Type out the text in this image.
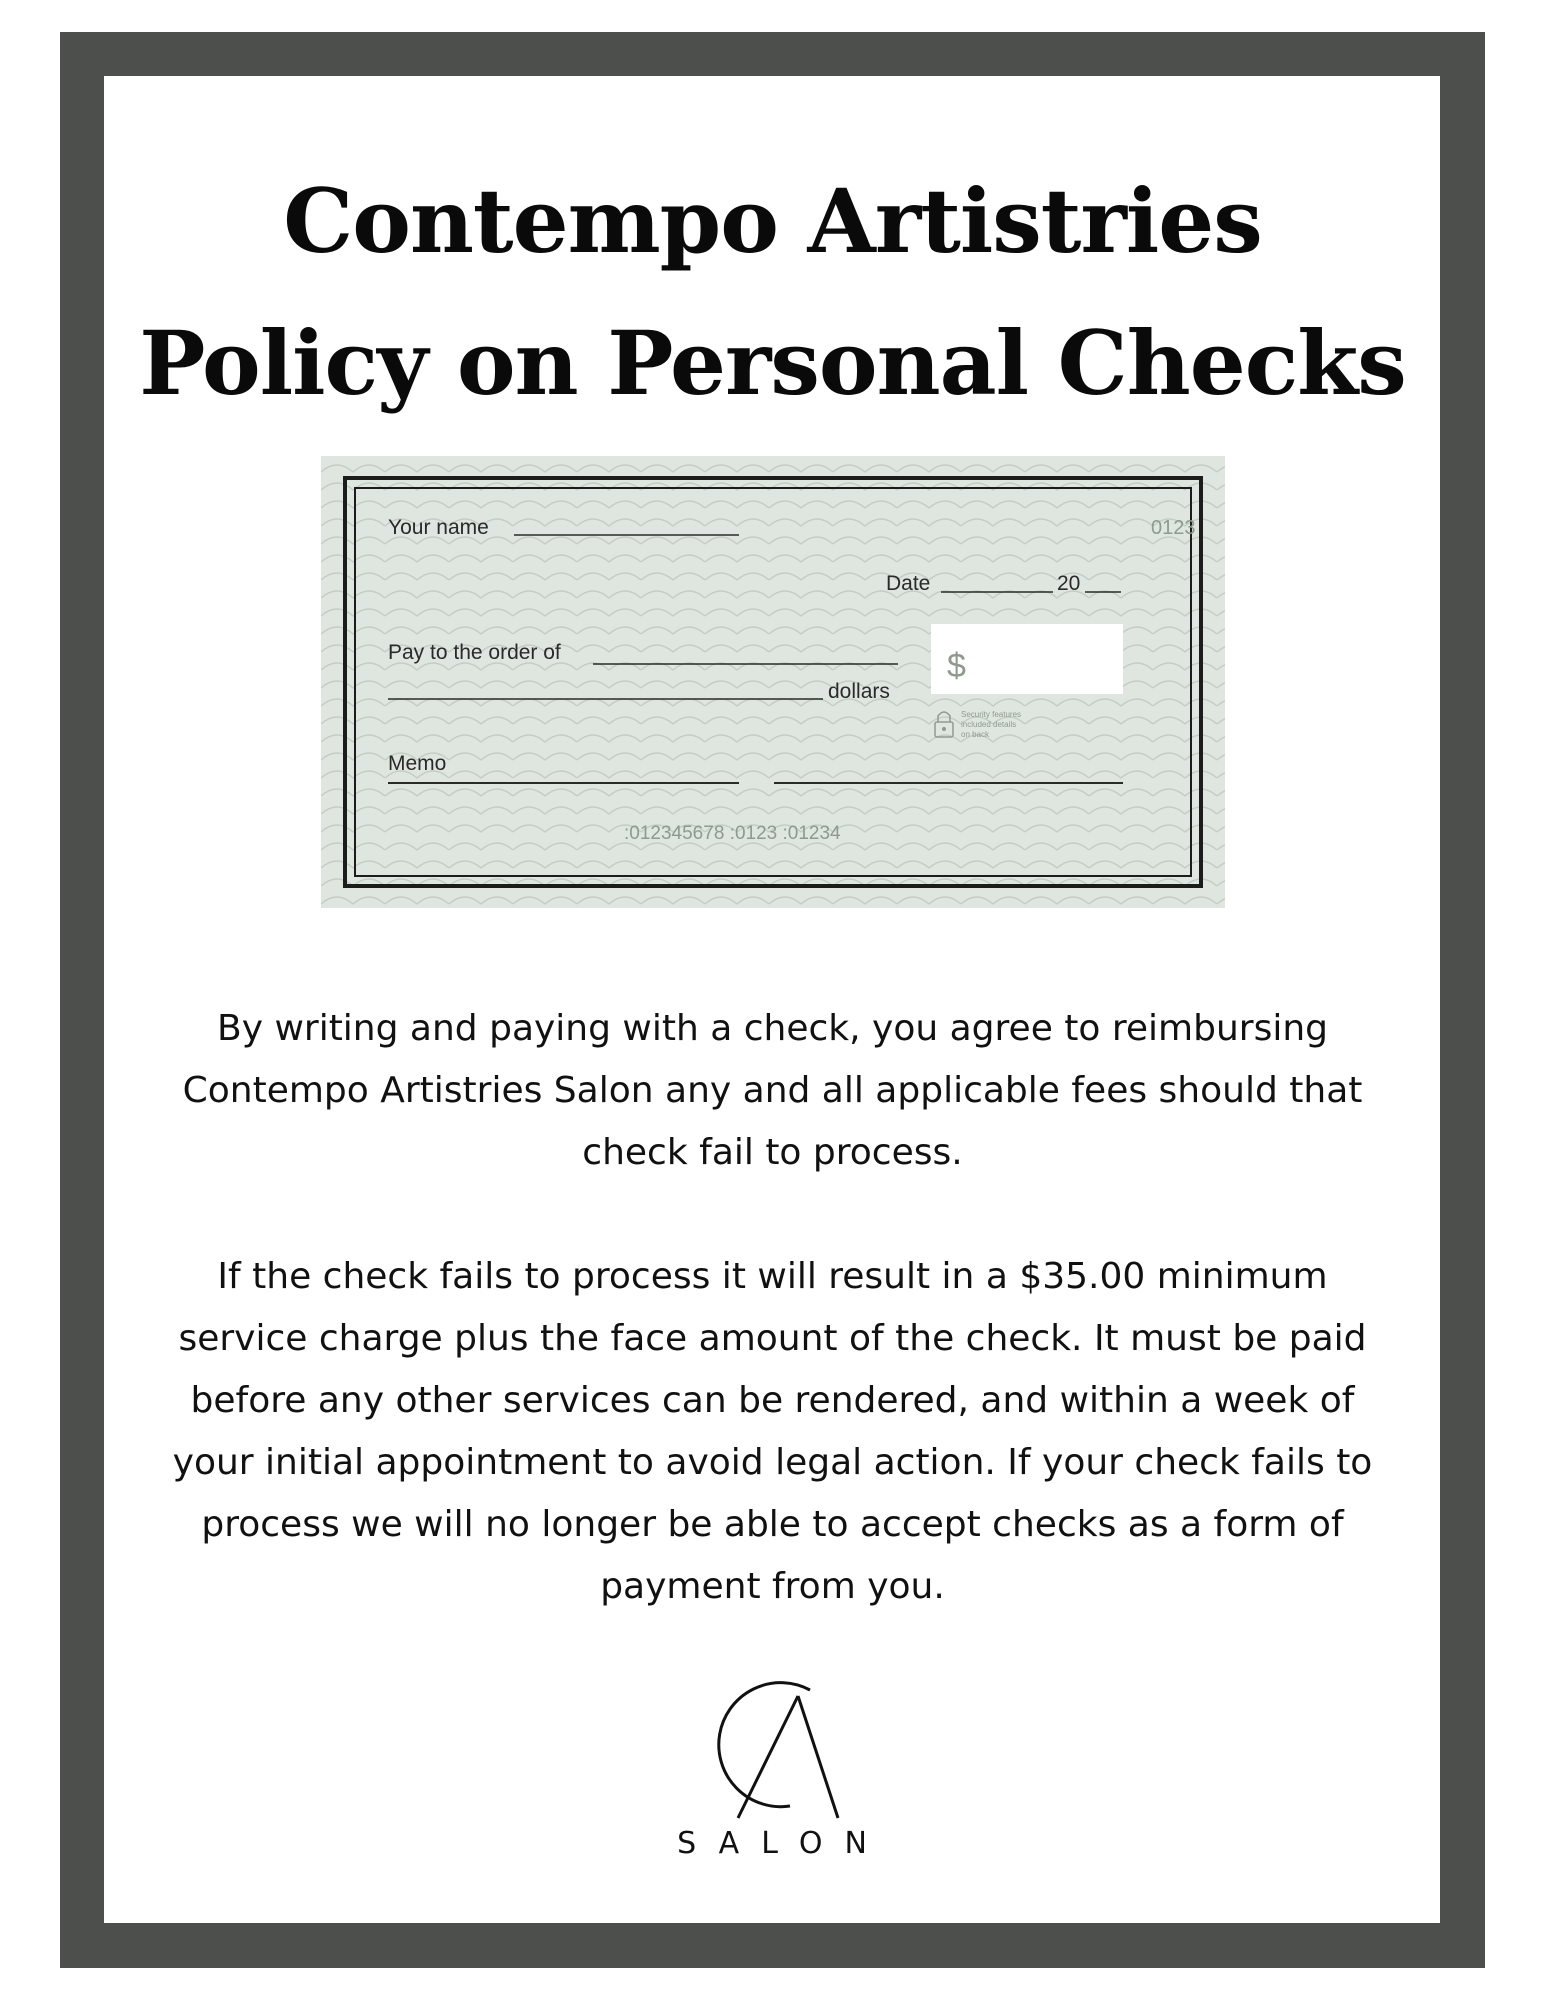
Contempo Artistries
Policy on Personal Checks
Your name	0123
Date	20
Pay to the order of	$
dollars
Security features
included details
on back
Memo
:012345678 :0123 :01234

By writing and paying with a check, you agree to reimbursing Contempo Artistries Salon any and all applicable fees should that check fail to process.

If the check fails to process it will result in a $35.00 minimum service charge plus the face amount of the check. It must be paid before any other services can be rendered, and within a week of your initial appointment to avoid legal action. If your check fails to process we will no longer be able to accept checks as a form of payment from you.

SALON
